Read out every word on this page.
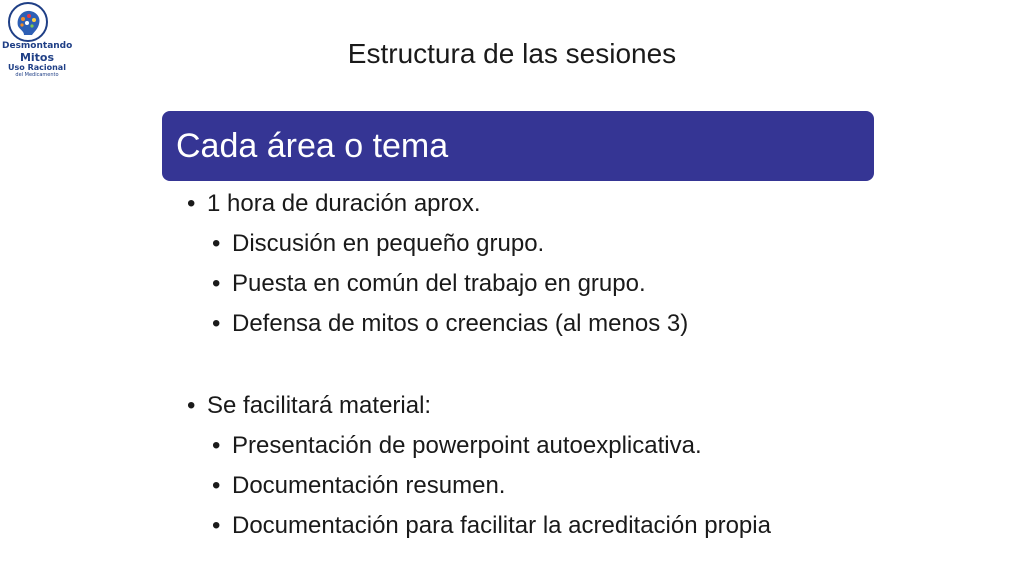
Desmontando
Mitos
Uso Racional
del Medicamento
Estructura de las sesiones
Cada área o tema
• 1 hora de duración aprox.
• Discusión en pequeño grupo.
• Puesta en común del trabajo en grupo.
• Defensa de mitos o creencias (al menos 3)
• Se facilitará material:
• Presentación de powerpoint autoexplicativa.
• Documentación resumen.
• Documentación para facilitar la acreditación propia
